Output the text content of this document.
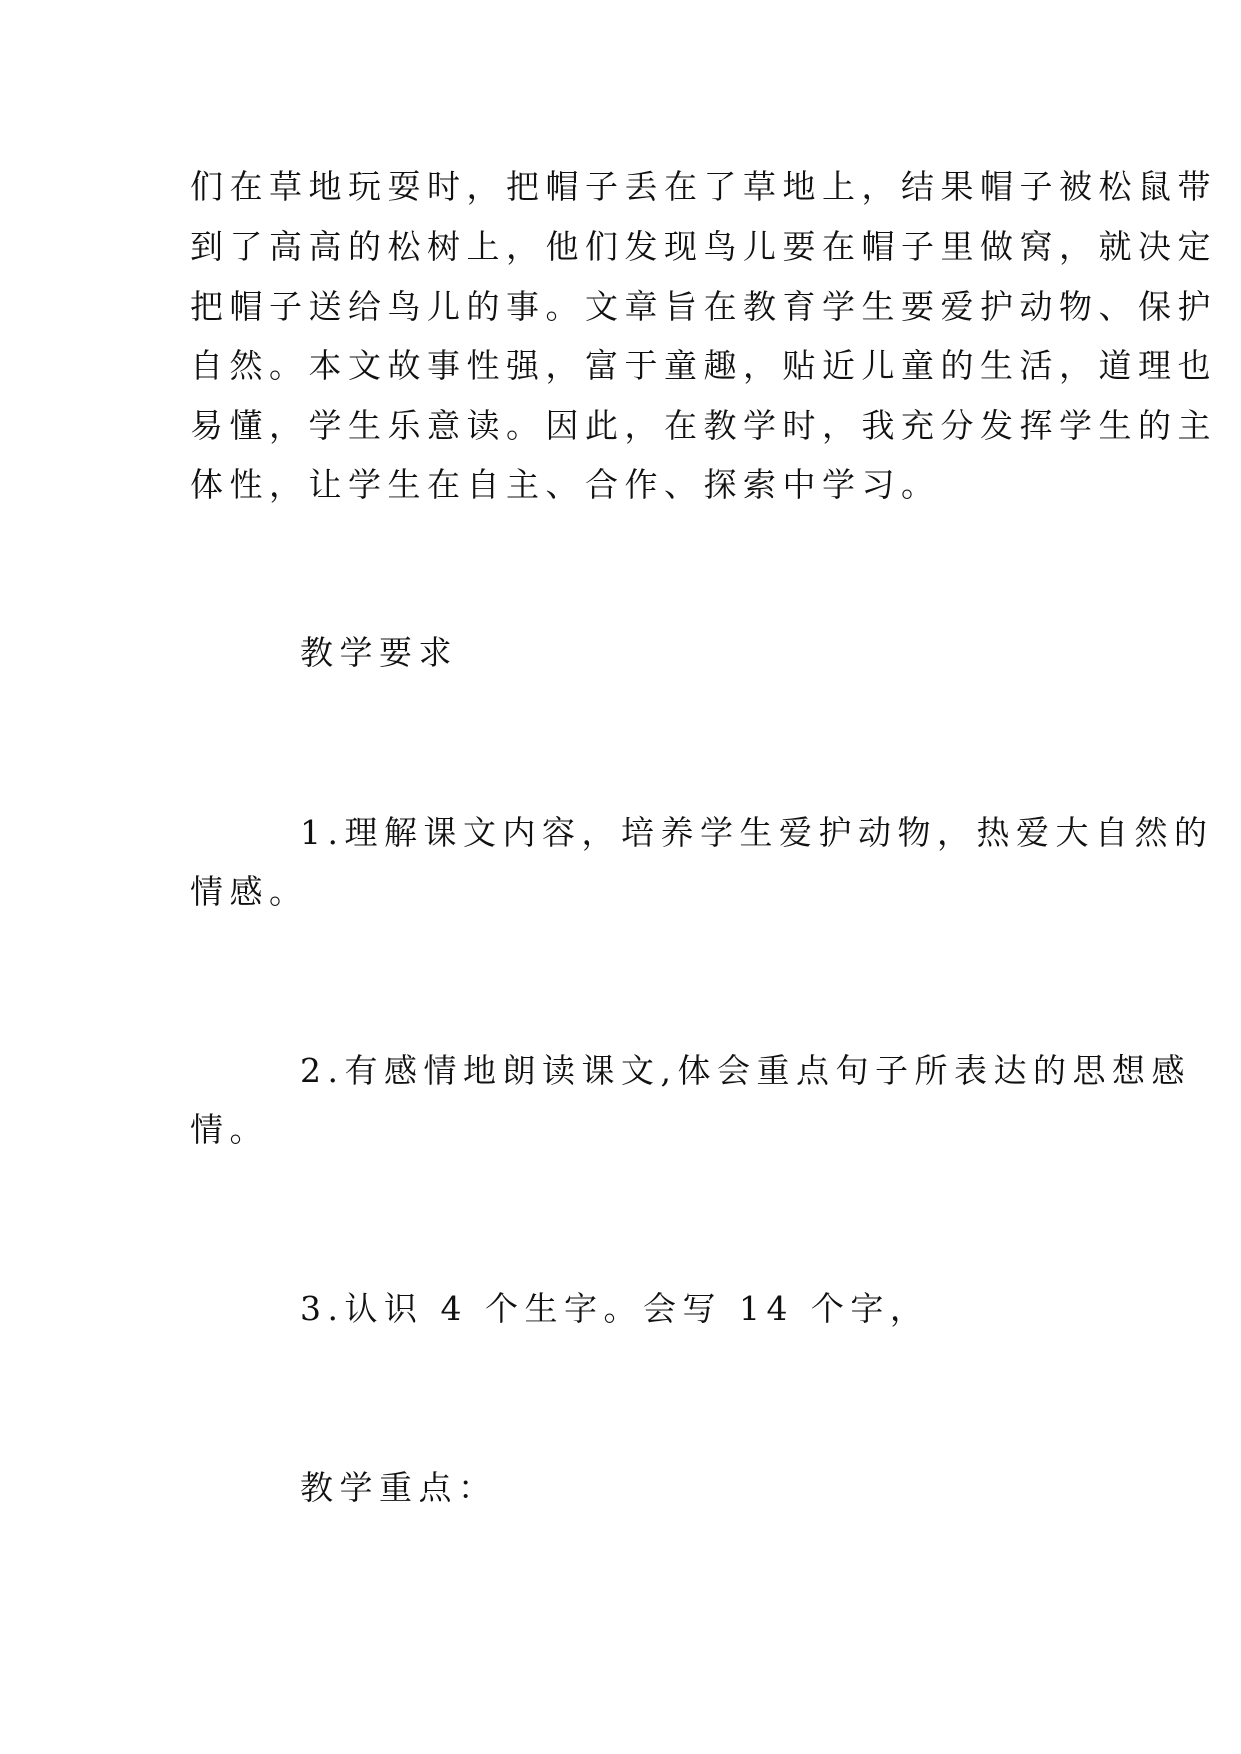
们在草地玩耍时，把帽子丢在了草地上，结果帽子被松鼠带
到了高高的松树上，他们发现鸟儿要在帽子里做窝，就决定
把帽子送给鸟儿的事。文章旨在教育学生要爱护动物、保护
自然。本文故事性强，富于童趣，贴近儿童的生活，道理也
易懂，学生乐意读。因此，在教学时，我充分发挥学生的主
体性，让学生在自主、合作、探索中学习。
教学要求
1.理解课文内容，培养学生爱护动物，热爱大自然的
情感。
2.有感情地朗读课文,体会重点句子所表达的思想感
情。
3.认识 4 个生字。会写 14 个字，
教学重点：
